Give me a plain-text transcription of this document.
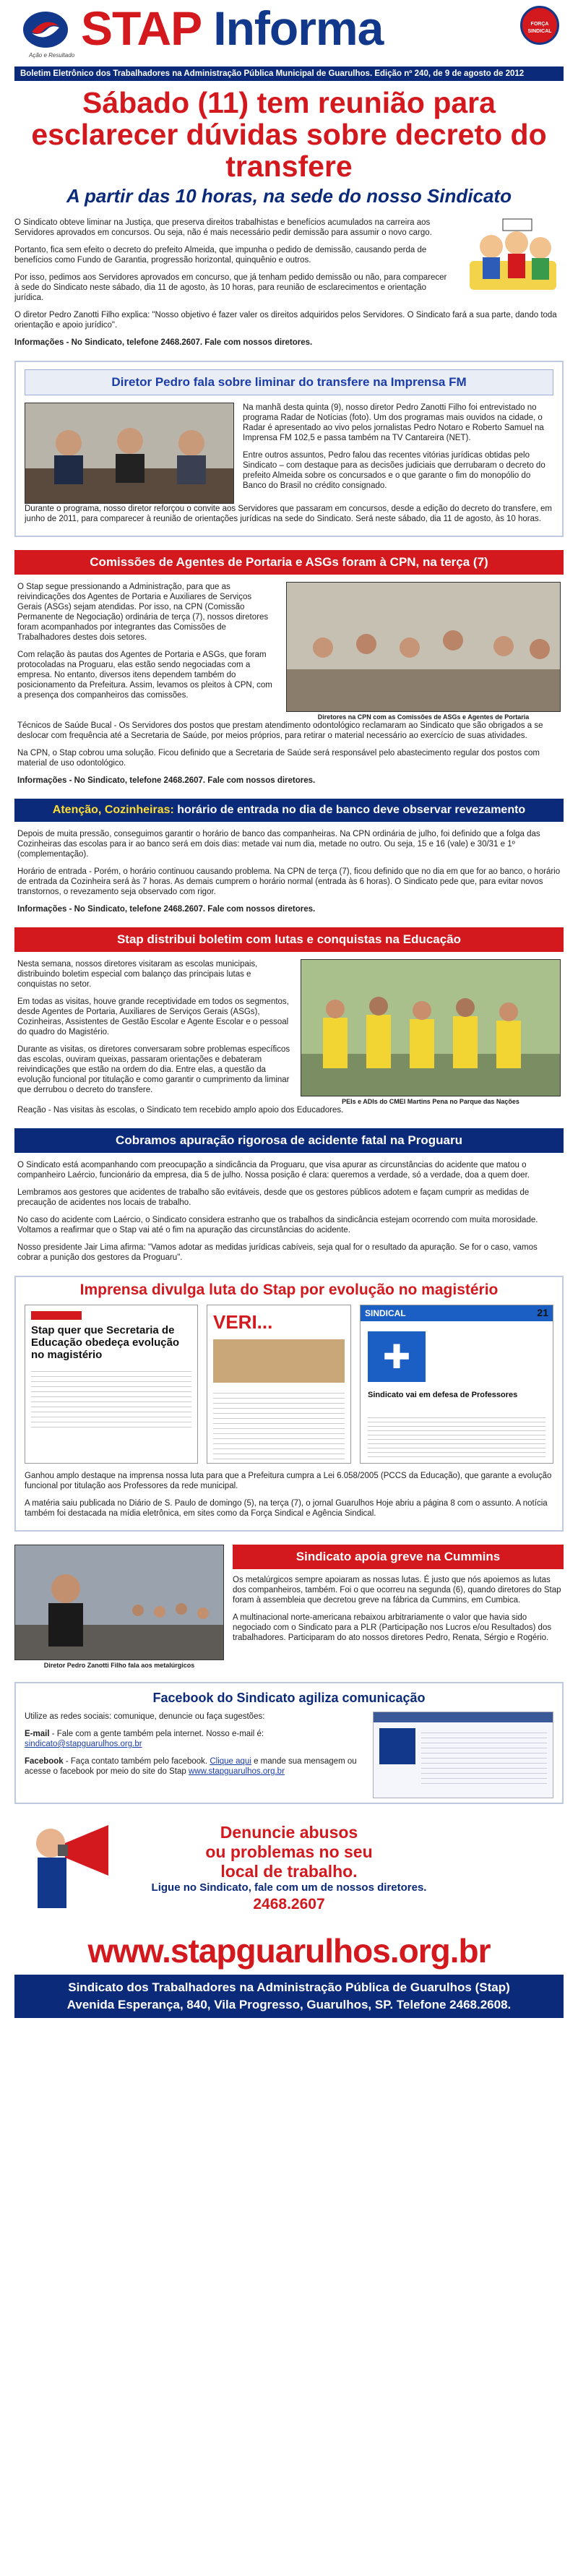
STAP Informa	FORÇA SINDICAL
Ação e Resultado
Boletim Eletrônico dos Trabalhadores na Administração Pública Municipal de Guarulhos. Edição nº 240, de 9 de agosto de 2012
Sábado (11) tem reunião para esclarecer dúvidas sobre decreto do transfere
A partir das 10 horas, na sede do nosso Sindicato

O Sindicato obteve liminar na Justiça, que preserva direitos trabalhistas e benefícios acumulados na carreira aos Servidores aprovados em concursos. Ou seja, não é mais necessário pedir demissão para assumir o novo cargo.

Portanto, fica sem efeito o decreto do prefeito Almeida, que impunha o pedido de demissão, causando perda de benefícios como Fundo de Garantia, progressão horizontal, quinquênio e outros.

Por isso, pedimos aos Servidores aprovados em concurso, que já tenham pedido demissão ou não, para comparecer à sede do Sindicato neste sábado, dia 11 de agosto, às 10 horas, para reunião de esclarecimentos e orientação jurídica.

O diretor Pedro Zanotti Filho explica: "Nosso objetivo é fazer valer os direitos adquiridos pelos Servidores. O Sindicato fará a sua parte, dando toda orientação e apoio jurídico".

Informações - No Sindicato, telefone 2468.2607. Fale com nossos diretores.

Diretor Pedro fala sobre liminar do transfere na Imprensa FM

Na manhã desta quinta (9), nosso diretor Pedro Zanotti Filho foi entrevistado no programa Radar de Notícias (foto). Um dos programas mais ouvidos na cidade, o Radar é apresentado ao vivo pelos jornalistas Pedro Notaro e Roberto Samuel na Imprensa FM 102,5 e passa também na TV Cantareira (NET).

Entre outros assuntos, Pedro falou das recentes vitórias jurídicas obtidas pelo Sindicato – com destaque para as decisões judiciais que derrubaram o decreto do prefeito Almeida sobre os concursados e o que garante o fim do monopólio do Banco do Brasil no crédito consignado.

Durante o programa, nosso diretor reforçou o convite aos Servidores que passaram em concursos, desde a edição do decreto do transfere, em junho de 2011, para comparecer à reunião de orientações jurídicas na sede do Sindicato. Será neste sábado, dia 11 de agosto, às 10 horas.

Comissões de Agentes de Portaria e ASGs foram à CPN, na terça (7)

O Stap segue pressionando a Administração, para que as reivindicações dos Agentes de Portaria e Auxiliares de Serviços Gerais (ASGs) sejam atendidas. Por isso, na CPN (Comissão Permanente de Negociação) ordinária de terça (7), nossos diretores foram acompanhados por integrantes das Comissões de Trabalhadores destes dois setores.

Com relação às pautas dos Agentes de Portaria e ASGs, que foram protocoladas na Proguaru, elas estão sendo negociadas com a empresa. No entanto, diversos itens dependem também do posicionamento da Prefeitura. Assim, levamos os pleitos à CPN, com a presença dos companheiros das comissões.

Diretores na CPN com as Comissões de ASGs e Agentes de Portaria

Técnicos de Saúde Bucal - Os Servidores dos postos que prestam atendimento odontológico reclamaram ao Sindicato que são obrigados a se deslocar com frequência até a Secretaria de Saúde, por meios próprios, para retirar o material necessário ao exercício de suas atividades.

Na CPN, o Stap cobrou uma solução. Ficou definido que a Secretaria de Saúde será responsável pelo abastecimento regular dos postos com material de uso odontológico.

Informações - No Sindicato, telefone 2468.2607. Fale com nossos diretores.

Atenção, Cozinheiras: horário de entrada no dia de banco deve observar revezamento

Depois de muita pressão, conseguimos garantir o horário de banco das companheiras. Na CPN ordinária de julho, foi definido que a folga das Cozinheiras das escolas para ir ao banco será em dois dias: metade vai num dia, metade no outro. Ou seja, 15 e 16 (vale) e 30/31 e 1º (complementação).

Horário de entrada - Porém, o horário continuou causando problema. Na CPN de terça (7), ficou definido que no dia em que for ao banco, o horário de entrada da Cozinheira será às 7 horas. As demais cumprem o horário normal (entrada às 6 horas). O Sindicato pede que, para evitar novos transtornos, o revezamento seja observado com rigor.

Informações - No Sindicato, telefone 2468.2607. Fale com nossos diretores.

Stap distribui boletim com lutas e conquistas na Educação

Nesta semana, nossos diretores visitaram as escolas municipais, distribuindo boletim especial com balanço das principais lutas e conquistas no setor.

Em todas as visitas, houve grande receptividade em todos os segmentos, desde Agentes de Portaria, Auxiliares de Serviços Gerais (ASGs), Cozinheiras, Assistentes de Gestão Escolar e Agente Escolar e o pessoal do quadro do Magistério.

Durante as visitas, os diretores conversaram sobre problemas específicos das escolas, ouviram queixas, passaram orientações e debateram reivindicações que estão na ordem do dia. Entre elas, a questão da evolução funcional por titulação e como garantir o cumprimento da liminar que derrubou o decreto do transfere.

PEIs e ADIs do CMEI Martins Pena no Parque das Nações

Reação - Nas visitas às escolas, o Sindicato tem recebido amplo apoio dos Educadores.

Cobramos apuração rigorosa de acidente fatal na Proguaru

O Sindicato está acompanhando com preocupação a sindicância da Proguaru, que visa apurar as circunstâncias do acidente que matou o companheiro Laércio, funcionário da empresa, dia 5 de julho. Nossa posição é clara: queremos a verdade, só a verdade, doa a quem doer.

Lembramos aos gestores que acidentes de trabalho são evitáveis, desde que os gestores públicos adotem e façam cumprir as medidas de precaução de acidentes nos locais de trabalho.

No caso do acidente com Laércio, o Sindicato considera estranho que os trabalhos da sindicância estejam ocorrendo com muita morosidade. Voltamos a reafirmar que o Stap vai até o fim na apuração das circunstâncias do acidente.

Nosso presidente Jair Lima afirma: "Vamos adotar as medidas jurídicas cabíveis, seja qual for o resultado da apuração. Se for o caso, vamos cobrar a punição dos gestores da Proguaru".

Imprensa divulga luta do Stap por evolução no magistério
Stap quer que Secretaria de Educação obedeça evolução no magistério
VERI...	SINDICAL	21
✚
Sindicato vai em defesa de Professores

Ganhou amplo destaque na imprensa nossa luta para que a Prefeitura cumpra a Lei 6.058/2005 (PCCS da Educação), que garante a evolução funcional por titulação aos Professores da rede municipal.

A matéria saiu publicada no Diário de S. Paulo de domingo (5), na terça (7), o jornal Guarulhos Hoje abriu a página 8 com o assunto. A notícia também foi destacada na mídia eletrônica, em sites como da Força Sindical e Agência Sindical.

Diretor Pedro Zanotti Filho fala aos metalúrgicos
Sindicato apoia greve na Cummins

Os metalúrgicos sempre apoiaram as nossas lutas. É justo que nós apoiemos as lutas dos companheiros, também. Foi o que ocorreu na segunda (6), quando diretores do Stap foram à assembleia que decretou greve na fábrica da Cummins, em Cumbica.

A multinacional norte-americana rebaixou arbitrariamente o valor que havia sido negociado com o Sindicato para a PLR (Participação nos Lucros e/ou Resultados) dos trabalhadores. Participaram do ato nossos diretores Pedro, Renata, Sérgio e Rogério.

Facebook do Sindicato agiliza comunicação

Utilize as redes sociais: comunique, denuncie ou faça sugestões:

E-mail - Fale com a gente também pela internet. Nosso e-mail é: sindicato@stapguarulhos.org.br

Facebook - Faça contato também pelo facebook. Clique aqui e mande sua mensagem ou acesse o facebook por meio do site do Stap www.stapguarulhos.org.br

Denuncie abusos
ou problemas no seu
local de trabalho.
Ligue no Sindicato, fale com um de nossos diretores.
2468.2607
www.stapguarulhos.org.br
Sindicato dos Trabalhadores na Administração Pública de Guarulhos (Stap)
Avenida Esperança, 840, Vila Progresso, Guarulhos, SP. Telefone 2468.2608.
